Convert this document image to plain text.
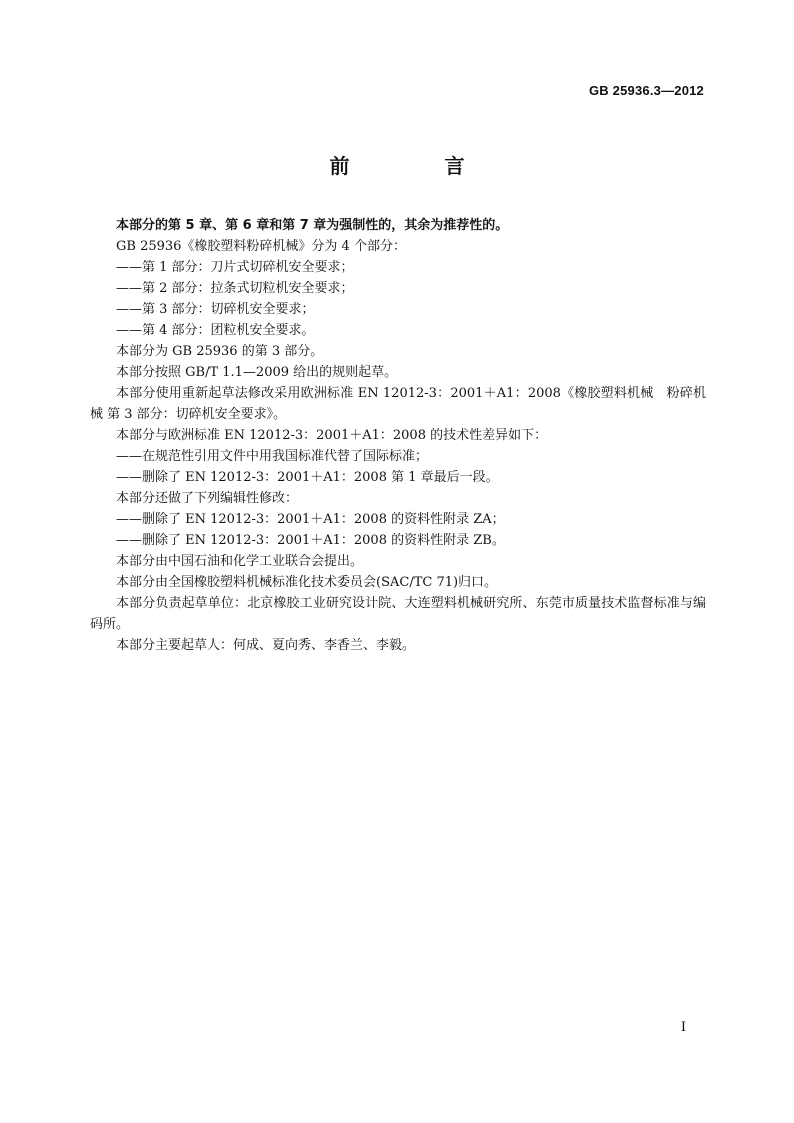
GB 25936.3—2012
前 言

本部分的第 5 章、第 6 章和第 7 章为强制性的，其余为推荐性的。

GB 25936《橡胶塑料粉碎机械》分为 4 个部分：

——第 1 部分：刀片式切碎机安全要求；

——第 2 部分：拉条式切粒机安全要求；

——第 3 部分：切碎机安全要求；

——第 4 部分：团粒机安全要求。

本部分为 GB 25936 的第 3 部分。

本部分按照 GB/T 1.1—2009 给出的规则起草。

本部分使用重新起草法修改采用欧洲标准 EN 12012-3：2001＋A1：2008《橡胶塑料机械　粉碎机械 第 3 部分：切碎机安全要求》。

本部分与欧洲标准 EN 12012-3：2001＋A1：2008 的技术性差异如下：

——在规范性引用文件中用我国标准代替了国际标准；

——删除了 EN 12012-3：2001＋A1：2008 第 1 章最后一段。

本部分还做了下列编辑性修改：

——删除了 EN 12012-3：2001＋A1：2008 的资料性附录 ZA；

——删除了 EN 12012-3：2001＋A1：2008 的资料性附录 ZB。

本部分由中国石油和化学工业联合会提出。

本部分由全国橡胶塑料机械标准化技术委员会(SAC/TC 71)归口。

本部分负责起草单位：北京橡胶工业研究设计院、大连塑料机械研究所、东莞市质量技术监督标准与编码所。

本部分主要起草人：何成、夏向秀、李香兰、李毅。

I
